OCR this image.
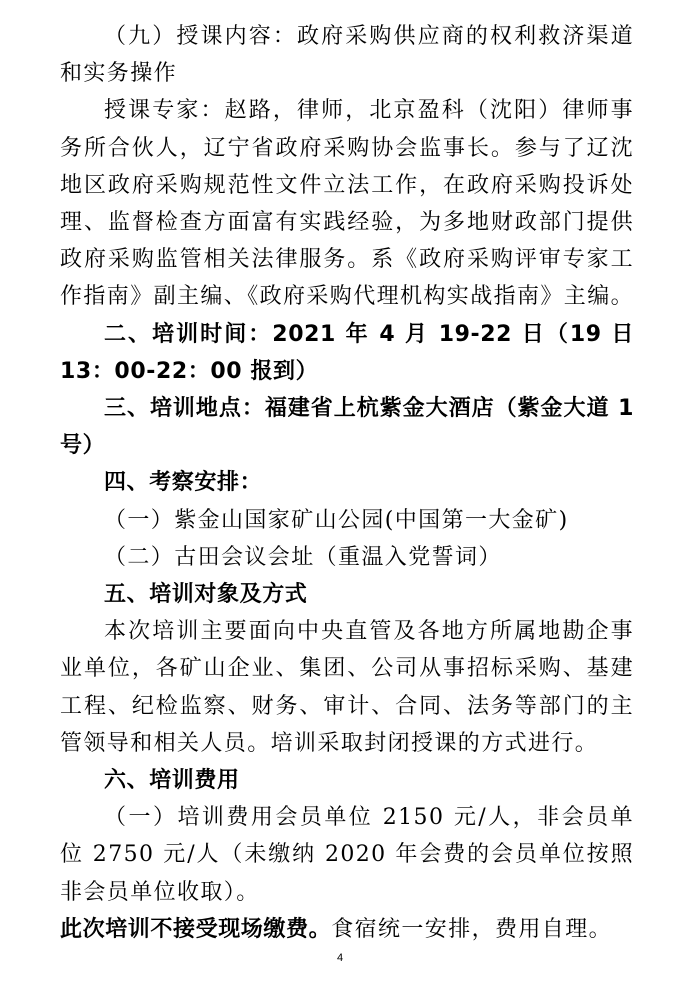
（九）授课内容：政府采购供应商的权利救济渠道和实务操作

授课专家：赵路，律师，北京盈科（沈阳）律师事务所合伙人，辽宁省政府采购协会监事长。参与了辽沈地区政府采购规范性文件立法工作，在政府采购投诉处理、监督检查方面富有实践经验，为多地财政部门提供政府采购监管相关法律服务。系《政府采购评审专家工作指南》副主编、《政府采购代理机构实战指南》主编。

二、培训时间：2021 年 4 月 19-22 日（19 日 13：00-22：00 报到）

三、培训地点：福建省上杭紫金大酒店（紫金大道 1 号）

四、考察安排：

（一）紫金山国家矿山公园(中国第一大金矿)

（二）古田会议会址（重温入党誓词）

五、培训对象及方式

本次培训主要面向中央直管及各地方所属地勘企事业单位，各矿山企业、集团、公司从事招标采购、基建工程、纪检监察、财务、审计、合同、法务等部门的主管领导和相关人员。培训采取封闭授课的方式进行。

六、培训费用

（一）培训费用会员单位 2150 元/人，非会员单位 2750 元/人（未缴纳 2020 年会费的会员单位按照非会员单位收取）。

此次培训不接受现场缴费。食宿统一安排，费用自理。

4
